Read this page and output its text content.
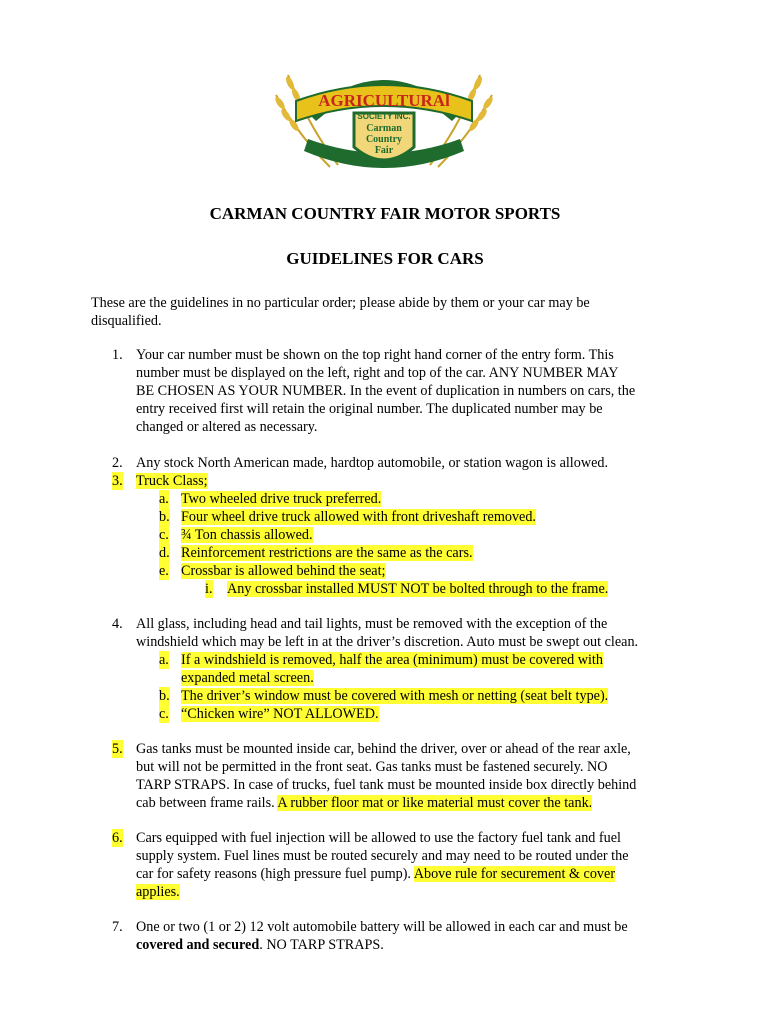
DUFFERIN
AGRICULTURAl
SOCIETY INC.
Carman
Country
Fair
CARMAN COUNTRY FAIR MOTOR SPORTS
GUIDELINES FOR CARS
These are the guidelines in no particular order; please abide by them or your car may be
disqualified.
1. Your car number must be shown on the top right hand corner of the entry form. This
number must be displayed on the left, right and top of the car. ANY NUMBER MAY
BE CHOSEN AS YOUR NUMBER. In the event of duplication in numbers on cars, the
entry received first will retain the original number. The duplicated number may be
changed or altered as necessary.
2. Any stock North American made, hardtop automobile, or station wagon is allowed.
3. Truck Class;
a. Two wheeled drive truck preferred.
b. Four wheel drive truck allowed with front driveshaft removed.
c. ¾ Ton chassis allowed.
d. Reinforcement restrictions are the same as the cars.
e. Crossbar is allowed behind the seat;
i. Any crossbar installed MUST NOT be bolted through to the frame.
4. All glass, including head and tail lights, must be removed with the exception of the
windshield which may be left in at the driver’s discretion. Auto must be swept out clean.
a. If a windshield is removed, half the area (minimum) must be covered with
expanded metal screen.
b. The driver’s window must be covered with mesh or netting (seat belt type).
c. “Chicken wire” NOT ALLOWED.
5. Gas tanks must be mounted inside car, behind the driver, over or ahead of the rear axle,
but will not be permitted in the front seat. Gas tanks must be fastened securely. NO
TARP STRAPS. In case of trucks, fuel tank must be mounted inside box directly behind
cab between frame rails. A rubber floor mat or like material must cover the tank.
6. Cars equipped with fuel injection will be allowed to use the factory fuel tank and fuel
supply system. Fuel lines must be routed securely and may need to be routed under the
car for safety reasons (high pressure fuel pump). Above rule for securement & cover
applies.
7. One or two (1 or 2) 12 volt automobile battery will be allowed in each car and must be
covered and secured. NO TARP STRAPS.
